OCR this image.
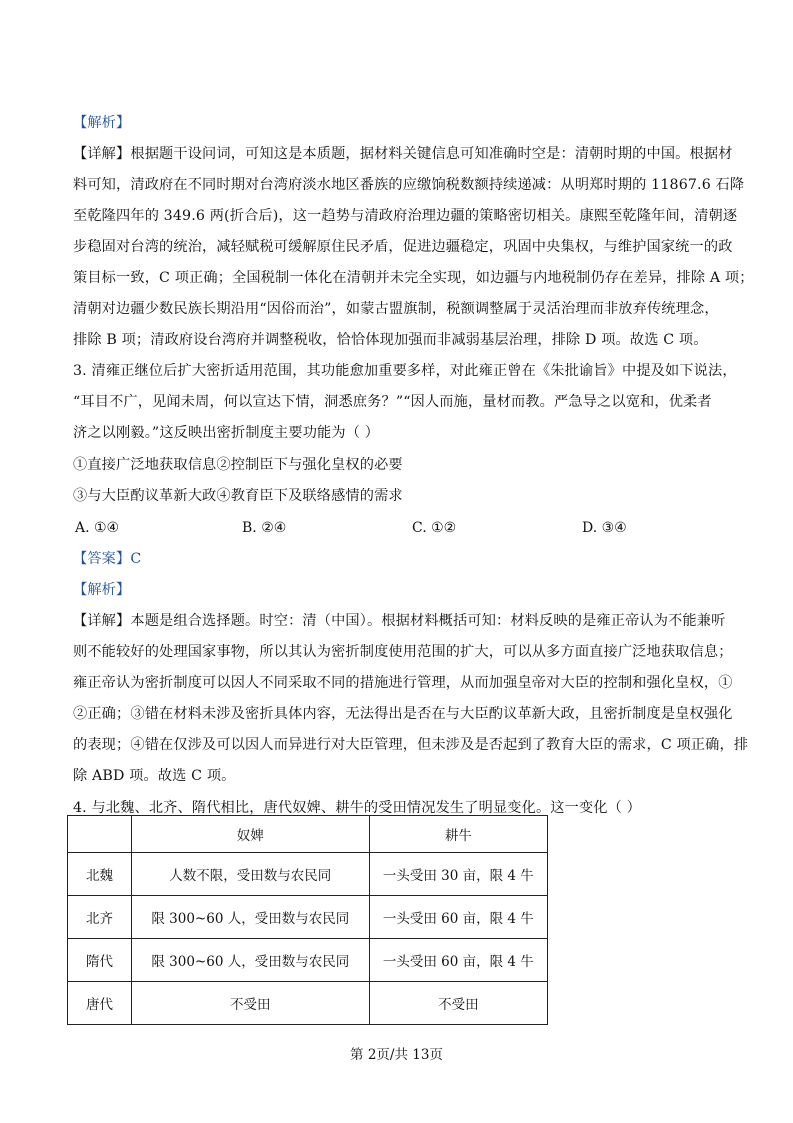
【解析】
【详解】根据题干设问词，可知这是本质题，据材料关键信息可知准确时空是：清朝时期的中国。根据材
料可知，清政府在不同时期对台湾府淡水地区番族的应缴饷税数额持续递减：从明郑时期的 11867.6 石降
至乾隆四年的 349.6 两(折合后)，这一趋势与清政府治理边疆的策略密切相关。康熙至乾隆年间，清朝逐
步稳固对台湾的统治，减轻赋税可缓解原住民矛盾，促进边疆稳定，巩固中央集权，与维护国家统一的政
策目标一致，C 项正确；全国税制一体化在清朝并未完全实现，如边疆与内地税制仍存在差异，排除 A 项；
清朝对边疆少数民族长期沿用“因俗而治”，如蒙古盟旗制，税额调整属于灵活治理而非放弃传统理念，
排除 B 项；清政府设台湾府并调整税收，恰恰体现加强而非减弱基层治理，排除 D 项。故选 C 项。
3. 清雍正继位后扩大密折适用范围，其功能愈加重要多样，对此雍正曾在《朱批谕旨》中提及如下说法，
“耳目不广，见闻未周，何以宣达下情，洞悉庶务？”“因人而施，量材而教。严急导之以宽和，优柔者
济之以刚毅。”这反映出密折制度主要功能为（ ）
①直接广泛地获取信息②控制臣下与强化皇权的必要
③与大臣酌议革新大政④教育臣下及联络感情的需求
A. ①④	B. ②④	C. ①②	D. ③④
【答案】C
【解析】
【详解】本题是组合选择题。时空：清（中国）。根据材料概括可知：材料反映的是雍正帝认为不能兼听
则不能较好的处理国家事物，所以其认为密折制度使用范围的扩大，可以从多方面直接广泛地获取信息；
雍正帝认为密折制度可以因人不同采取不同的措施进行管理，从而加强皇帝对大臣的控制和强化皇权，①
②正确；③错在材料未涉及密折具体内容，无法得出是否在与大臣酌议革新大政，且密折制度是皇权强化
的表现；④错在仅涉及可以因人而异进行对大臣管理，但未涉及是否起到了教育大臣的需求，C 项正确，排
除 ABD 项。故选 C 项。
4. 与北魏、北齐、隋代相比，唐代奴婢、耕牛的受田情况发生了明显变化。这一变化（ ）
	奴婢	耕牛
北魏	人数不限，受田数与农民同	一头受田 30 亩，限 4 牛
北齐	限 300~60 人，受田数与农民同	一头受田 60 亩，限 4 牛
隋代	限 300~60 人，受田数与农民同	一头受田 60 亩，限 4 牛
唐代	不受田	不受田
第 2页/共 13页
